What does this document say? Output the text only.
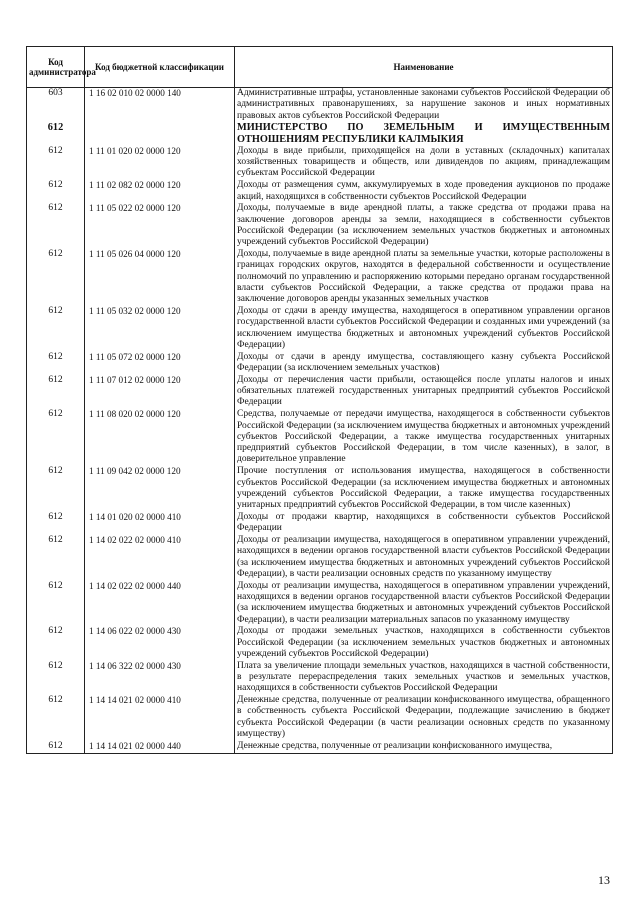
Код администратора	Код бюджетной классификации	Наименование
603	1 16 02 010 02 0000 140	Административные штрафы, установленные законами субъектов Российской Федерации об административных правонарушениях, за нарушение законов и иных нормативных правовых актов субъектов Российской Федерации
612		МИНИСТЕРСТВО ПО ЗЕМЕЛЬНЫМ И ИМУЩЕСТВЕННЫМ ОТНОШЕНИЯМ РЕСПУБЛИКИ КАЛМЫКИЯ
612	1 11 01 020 02 0000 120	Доходы в виде прибыли, приходящейся на доли в уставных (складочных) капиталах хозяйственных товариществ и обществ, или дивидендов по акциям, принадлежащим субъектам Российской Федерации
612	1 11 02 082 02 0000 120	Доходы от размещения сумм, аккумулируемых в ходе проведения аукционов по продаже акций, находящихся в собственности субъектов Российской Федерации
612	1 11 05 022 02 0000 120	Доходы, получаемые в виде арендной платы, а также средства от продажи права на заключение договоров аренды за земли, находящиеся в собственности субъектов Российской Федерации (за исключением земельных участков бюджетных и автономных учреждений субъектов Российской Федерации)
612	1 11 05 026 04 0000 120	Доходы, получаемые в виде арендной платы за земельные участки, которые расположены в границах городских округов, находятся в федеральной собственности и осуществление полномочий по управлению и распоряжению которыми передано органам государственной власти субъектов Российской Федерации, а также средства от продажи права на заключение договоров аренды указанных земельных участков
612	1 11 05 032 02 0000 120	Доходы от сдачи в аренду имущества, находящегося в оперативном управлении органов государственной власти субъектов Российской Федерации и созданных ими учреждений (за исключением имущества бюджетных и автономных учреждений субъектов Российской Федерации)
612	1 11 05 072 02 0000 120	Доходы от сдачи в аренду имущества, составляющего казну субъекта Российской Федерации (за исключением земельных участков)
612	1 11 07 012 02 0000 120	Доходы от перечисления части прибыли, остающейся после уплаты налогов и иных обязательных платежей государственных унитарных предприятий субъектов Российской Федерации
612	1 11 08 020 02 0000 120	Средства, получаемые от передачи имущества, находящегося в собственности субъектов Российской Федерации (за исключением имущества бюджетных и автономных учреждений субъектов Российской Федерации, а также имущества государственных унитарных предприятий субъектов Российской Федерации, в том числе казенных), в залог, в доверительное управление
612	1 11 09 042 02 0000 120	Прочие поступления от использования имущества, находящегося в собственности субъектов Российской Федерации (за исключением имущества бюджетных и автономных учреждений субъектов Российской Федерации, а также имущества государственных унитарных предприятий субъектов Российской Федерации, в том числе казенных)
612	1 14 01 020 02 0000 410	Доходы от продажи квартир, находящихся в собственности субъектов Российской Федерации
612	1 14 02 022 02 0000 410	Доходы от реализации имущества, находящегося в оперативном управлении учреждений, находящихся в ведении органов государственной власти субъектов Российской Федерации (за исключением имущества бюджетных и автономных учреждений субъектов Российской Федерации), в части реализации основных средств по указанному имуществу
612	1 14 02 022 02 0000 440	Доходы от реализации имущества, находящегося в оперативном управлении учреждений, находящихся в ведении органов государственной власти субъектов Российской Федерации (за исключением имущества бюджетных и автономных учреждений субъектов Российской Федерации), в части реализации материальных запасов по указанному имуществу
612	1 14 06 022 02 0000 430	Доходы от продажи земельных участков, находящихся в собственности субъектов Российской Федерации (за исключением земельных участков бюджетных и автономных учреждений субъектов Российской Федерации)
612	1 14 06 322 02 0000 430	Плата за увеличение площади земельных участков, находящихся в частной собственности, в результате перераспределения таких земельных участков и земельных участков, находящихся в собственности субъектов Российской Федерации
612	1 14 14 021 02 0000 410	Денежные средства, полученные от реализации конфискованного имущества, обращенного в собственность субъекта Российской Федерации, подлежащие зачислению в бюджет субъекта Российской Федерации (в части реализации основных средств по указанному имуществу)
612	1 14 14 021 02 0000 440	Денежные средства, полученные от реализации конфискованного имущества,
13
